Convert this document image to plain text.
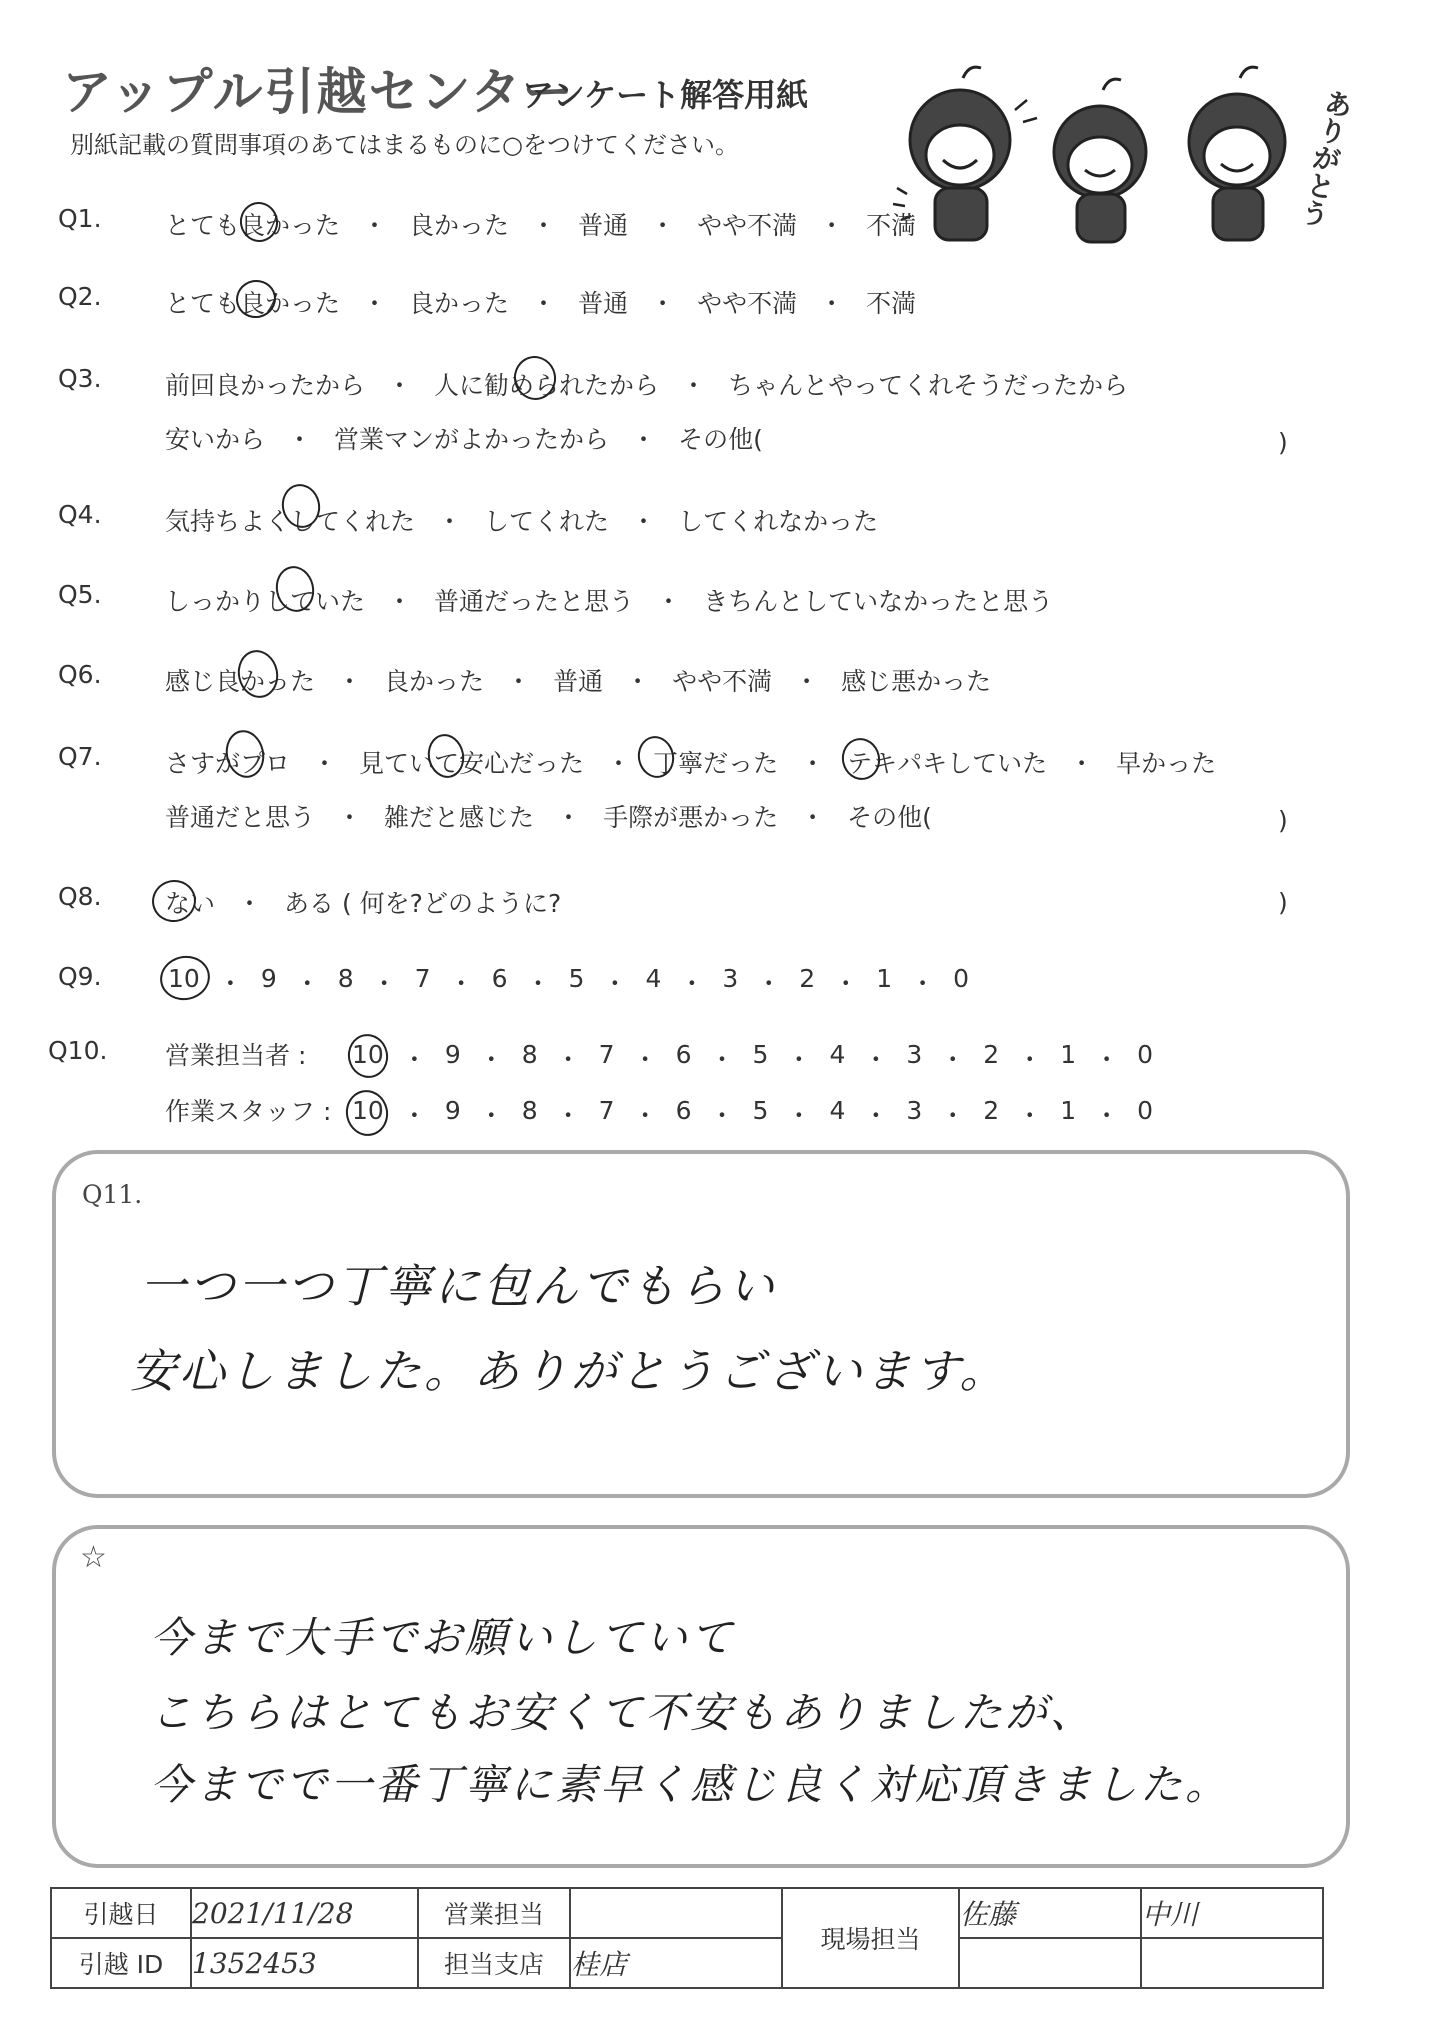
アップル引越センター
アンケート解答用紙
別紙記載の質問事項のあてはまるものに○をつけてください。	ありがとう
Q1.	とても良かった ・ 良かった ・ 普通 ・ やや不満 ・ 不満
Q2.	とても良かった ・ 良かった ・ 普通 ・ やや不満 ・ 不満
Q3.	前回良かったから ・ 人に勧められたから ・ ちゃんとやってくれそうだったから
安いから ・ 営業マンがよかったから ・ その他(	)
Q4.	気持ちよくしてくれた ・ してくれた ・ してくれなかった
Q5.	しっかりしていた ・ 普通だったと思う ・ きちんとしていなかったと思う
Q6.	感じ良かった ・ 良かった ・ 普通 ・ やや不満 ・ 感じ悪かった
Q7.	さすがプロ ・ 見ていて安心だった ・ 丁寧だった ・ テキパキしていた ・ 早かった
普通だと思う ・ 雑だと感じた ・ 手際が悪かった ・ その他(	)
Q8.	ない ・ ある ( 何を?どのように?	)
Q9.	10 ・ 9 ・ 8 ・ 7 ・ 6 ・ 5 ・ 4 ・ 3 ・ 2 ・ 1 ・ 0
Q10. 営業担当者 : 10 ・ 9 ・ 8 ・ 7 ・ 6 ・ 5 ・ 4 ・ 3 ・ 2 ・ 1 ・ 0
作業スタッフ : 10 ・ 9 ・ 8 ・ 7 ・ 6 ・ 5 ・ 4 ・ 3 ・ 2 ・ 1 ・ 0
Q11.
一つ一つ丁寧に包んでもらい
安心しました。ありがとうございます。
☆
今まで大手でお願いしていて
こちらはとてもお安くて不安もありましたが、
今までで一番丁寧に素早く感じ良く対応頂きました。
引越日	2021/11/28	営業担当		現場担当	佐藤	中川
引越 ID	1352453	担当支店	桂店			
